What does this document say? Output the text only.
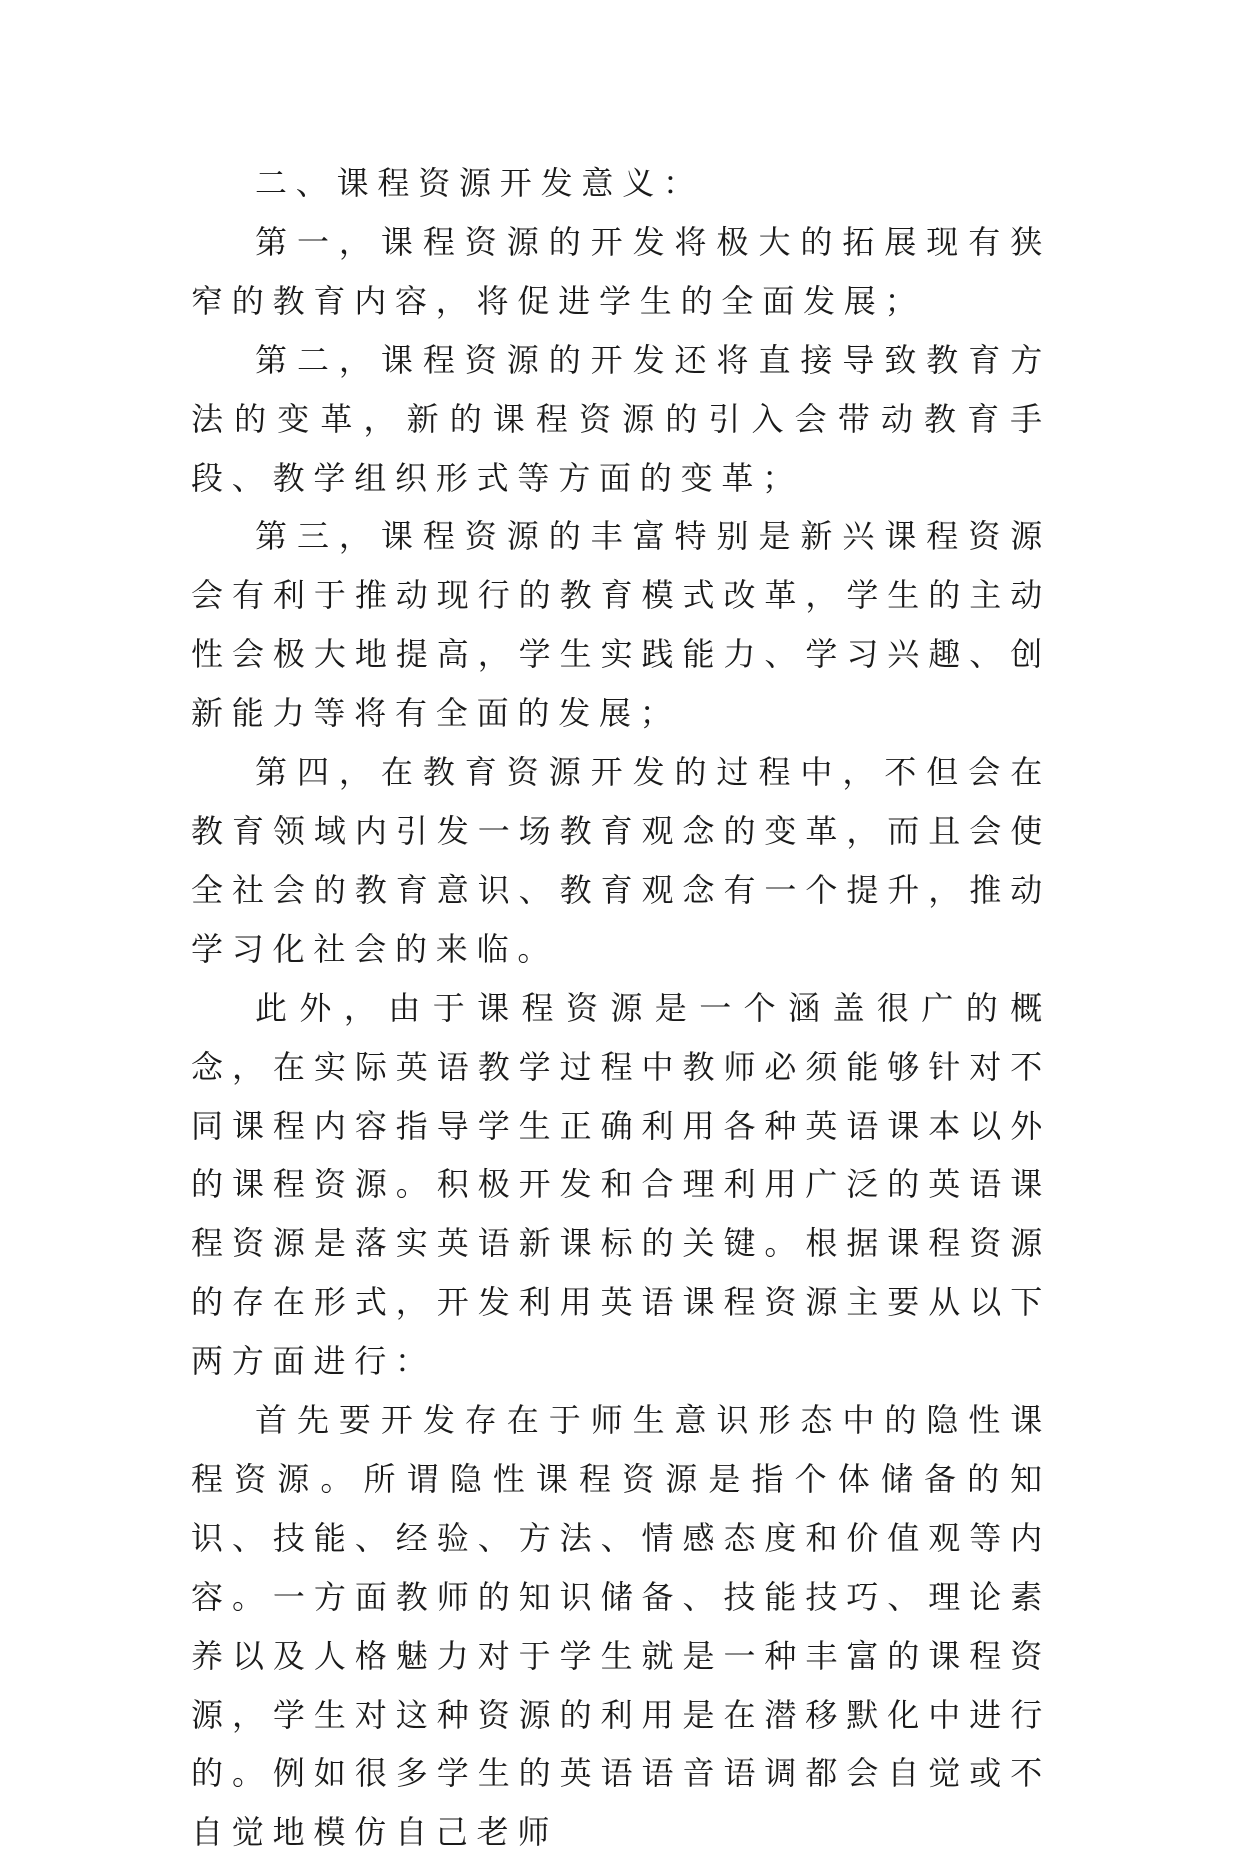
二、课程资源开发意义：

第一，课程资源的开发将极大的拓展现有狭窄的教育内容，将促进学生的全面发展；

第二，课程资源的开发还将直接导致教育方法的变革，新的课程资源的引入会带动教育手段、教学组织形式等方面的变革；

第三，课程资源的丰富特别是新兴课程资源会有利于推动现行的教育模式改革，学生的主动性会极大地提高，学生实践能力、学习兴趣、创新能力等将有全面的发展；

第四，在教育资源开发的过程中，不但会在教育领域内引发一场教育观念的变革，而且会使全社会的教育意识、教育观念有一个提升，推动学习化社会的来临。

此外，由于课程资源是一个涵盖很广的概念，在实际英语教学过程中教师必须能够针对不同课程内容指导学生正确利用各种英语课本以外的课程资源。积极开发和合理利用广泛的英语课程资源是落实英语新课标的关键。根据课程资源的存在形式，开发利用英语课程资源主要从以下两方面进行：

首先要开发存在于师生意识形态中的隐性课程资源。所谓隐性课程资源是指个体储备的知识、技能、经验、方法、情感态度和价值观等内容。一方面教师的知识储备、技能技巧、理论素养以及人格魅力对于学生就是一种丰富的课程资源，学生对这种资源的利用是在潜移默化中进行的。例如很多学生的英语语音语调都会自觉或不自觉地模仿自己老师
